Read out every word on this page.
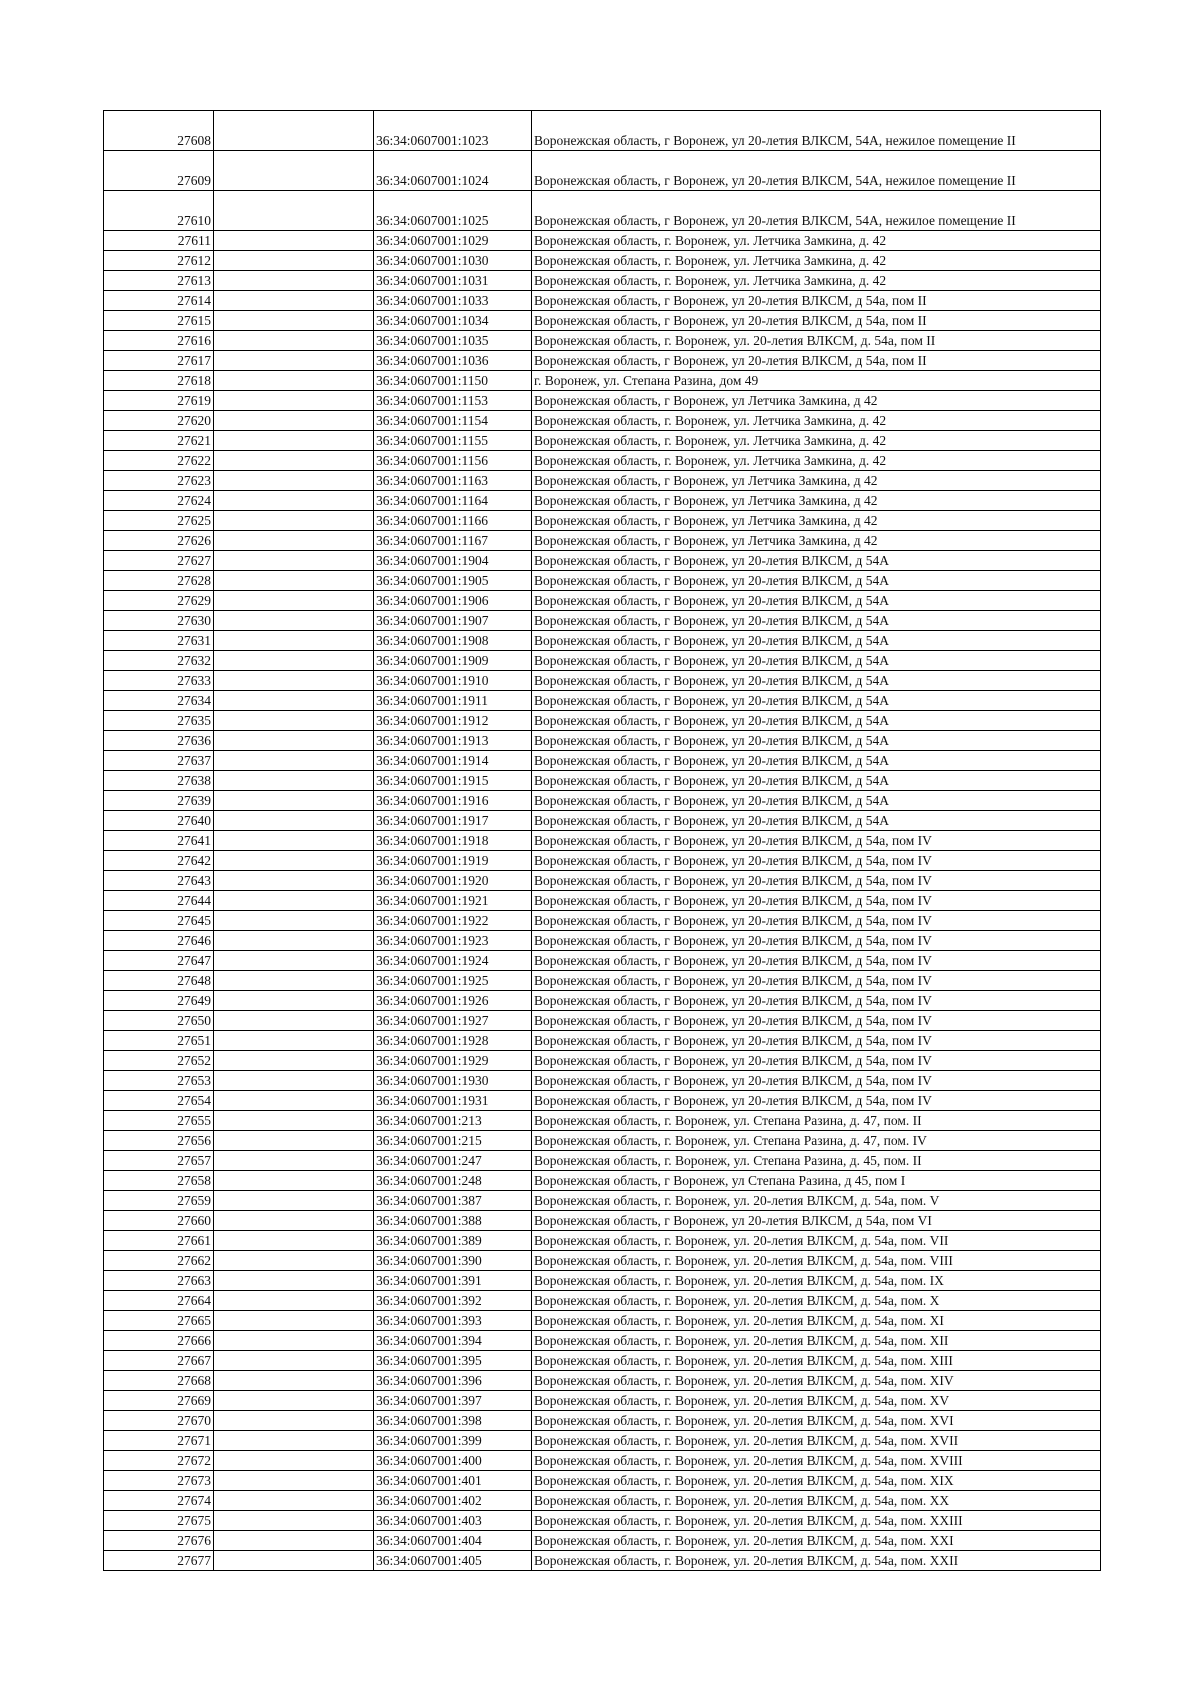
27608		36:34:0607001:1023	Воронежская область, г Воронеж, ул 20-летия ВЛКСМ, 54А, нежилое помещение II
27609		36:34:0607001:1024	Воронежская область, г Воронеж, ул 20-летия ВЛКСМ, 54А, нежилое помещение II
27610		36:34:0607001:1025	Воронежская область, г Воронеж, ул 20-летия ВЛКСМ, 54А, нежилое помещение II
27611		36:34:0607001:1029	Воронежская область, г. Воронеж, ул. Летчика Замкина, д. 42
27612		36:34:0607001:1030	Воронежская область, г. Воронеж, ул. Летчика Замкина, д. 42
27613		36:34:0607001:1031	Воронежская область, г. Воронеж, ул. Летчика Замкина, д. 42
27614		36:34:0607001:1033	Воронежская область, г Воронеж, ул 20-летия ВЛКСМ, д 54а, пом II
27615		36:34:0607001:1034	Воронежская область, г Воронеж, ул 20-летия ВЛКСМ, д 54а, пом II
27616		36:34:0607001:1035	Воронежская область, г. Воронеж, ул. 20-летия ВЛКСМ, д. 54а, пом II
27617		36:34:0607001:1036	Воронежская область, г Воронеж, ул 20-летия ВЛКСМ, д 54а, пом II
27618		36:34:0607001:1150	г. Воронеж, ул. Степана Разина, дом 49
27619		36:34:0607001:1153	Воронежская область, г Воронеж, ул Летчика Замкина, д 42
27620		36:34:0607001:1154	Воронежская область, г. Воронеж, ул. Летчика Замкина, д. 42
27621		36:34:0607001:1155	Воронежская область, г. Воронеж, ул. Летчика Замкина, д. 42
27622		36:34:0607001:1156	Воронежская область, г. Воронеж, ул. Летчика Замкина, д. 42
27623		36:34:0607001:1163	Воронежская область, г Воронеж, ул Летчика Замкина, д 42
27624		36:34:0607001:1164	Воронежская область, г Воронеж, ул Летчика Замкина, д 42
27625		36:34:0607001:1166	Воронежская область, г Воронеж, ул Летчика Замкина, д 42
27626		36:34:0607001:1167	Воронежская область, г Воронеж, ул Летчика Замкина, д 42
27627		36:34:0607001:1904	Воронежская область, г Воронеж, ул 20-летия ВЛКСМ, д 54А
27628		36:34:0607001:1905	Воронежская область, г Воронеж, ул 20-летия ВЛКСМ, д 54А
27629		36:34:0607001:1906	Воронежская область, г Воронеж, ул 20-летия ВЛКСМ, д 54А
27630		36:34:0607001:1907	Воронежская область, г Воронеж, ул 20-летия ВЛКСМ, д 54А
27631		36:34:0607001:1908	Воронежская область, г Воронеж, ул 20-летия ВЛКСМ, д 54А
27632		36:34:0607001:1909	Воронежская область, г Воронеж, ул 20-летия ВЛКСМ, д 54А
27633		36:34:0607001:1910	Воронежская область, г Воронеж, ул 20-летия ВЛКСМ, д 54А
27634		36:34:0607001:1911	Воронежская область, г Воронеж, ул 20-летия ВЛКСМ, д 54А
27635		36:34:0607001:1912	Воронежская область, г Воронеж, ул 20-летия ВЛКСМ, д 54А
27636		36:34:0607001:1913	Воронежская область, г Воронеж, ул 20-летия ВЛКСМ, д 54А
27637		36:34:0607001:1914	Воронежская область, г Воронеж, ул 20-летия ВЛКСМ, д 54А
27638		36:34:0607001:1915	Воронежская область, г Воронеж, ул 20-летия ВЛКСМ, д 54А
27639		36:34:0607001:1916	Воронежская область, г Воронеж, ул 20-летия ВЛКСМ, д 54А
27640		36:34:0607001:1917	Воронежская область, г Воронеж, ул 20-летия ВЛКСМ, д 54А
27641		36:34:0607001:1918	Воронежская область, г Воронеж, ул 20-летия ВЛКСМ, д 54а, пом IV
27642		36:34:0607001:1919	Воронежская область, г Воронеж, ул 20-летия ВЛКСМ, д 54а, пом IV
27643		36:34:0607001:1920	Воронежская область, г Воронеж, ул 20-летия ВЛКСМ, д 54а, пом IV
27644		36:34:0607001:1921	Воронежская область, г Воронеж, ул 20-летия ВЛКСМ, д 54а, пом IV
27645		36:34:0607001:1922	Воронежская область, г Воронеж, ул 20-летия ВЛКСМ, д 54а, пом IV
27646		36:34:0607001:1923	Воронежская область, г Воронеж, ул 20-летия ВЛКСМ, д 54а, пом IV
27647		36:34:0607001:1924	Воронежская область, г Воронеж, ул 20-летия ВЛКСМ, д 54а, пом IV
27648		36:34:0607001:1925	Воронежская область, г Воронеж, ул 20-летия ВЛКСМ, д 54а, пом IV
27649		36:34:0607001:1926	Воронежская область, г Воронеж, ул 20-летия ВЛКСМ, д 54а, пом IV
27650		36:34:0607001:1927	Воронежская область, г Воронеж, ул 20-летия ВЛКСМ, д 54а, пом IV
27651		36:34:0607001:1928	Воронежская область, г Воронеж, ул 20-летия ВЛКСМ, д 54а, пом IV
27652		36:34:0607001:1929	Воронежская область, г Воронеж, ул 20-летия ВЛКСМ, д 54а, пом IV
27653		36:34:0607001:1930	Воронежская область, г Воронеж, ул 20-летия ВЛКСМ, д 54а, пом IV
27654		36:34:0607001:1931	Воронежская область, г Воронеж, ул 20-летия ВЛКСМ, д 54а, пом IV
27655		36:34:0607001:213	Воронежская область, г. Воронеж, ул. Степана Разина, д. 47, пом. II
27656		36:34:0607001:215	Воронежская область, г. Воронеж, ул. Степана Разина, д. 47, пом. IV
27657		36:34:0607001:247	Воронежская область, г. Воронеж, ул. Степана Разина, д. 45, пом. II
27658		36:34:0607001:248	Воронежская область, г Воронеж, ул Степана Разина, д 45, пом I
27659		36:34:0607001:387	Воронежская область, г. Воронеж, ул. 20-летия ВЛКСМ, д. 54а, пом. V
27660		36:34:0607001:388	Воронежская область, г Воронеж, ул 20-летия ВЛКСМ, д 54а, пом VI
27661		36:34:0607001:389	Воронежская область, г. Воронеж, ул. 20-летия ВЛКСМ, д. 54а, пом. VII
27662		36:34:0607001:390	Воронежская область, г. Воронеж, ул. 20-летия ВЛКСМ, д. 54а, пом. VIII
27663		36:34:0607001:391	Воронежская область, г. Воронеж, ул. 20-летия ВЛКСМ, д. 54а, пом. IX
27664		36:34:0607001:392	Воронежская область, г. Воронеж, ул. 20-летия ВЛКСМ, д. 54а, пом. X
27665		36:34:0607001:393	Воронежская область, г. Воронеж, ул. 20-летия ВЛКСМ, д. 54а, пом. XI
27666		36:34:0607001:394	Воронежская область, г. Воронеж, ул. 20-летия ВЛКСМ, д. 54а, пом. XII
27667		36:34:0607001:395	Воронежская область, г. Воронеж, ул. 20-летия ВЛКСМ, д. 54а, пом. XIII
27668		36:34:0607001:396	Воронежская область, г. Воронеж, ул. 20-летия ВЛКСМ, д. 54а, пом. XIV
27669		36:34:0607001:397	Воронежская область, г. Воронеж, ул. 20-летия ВЛКСМ, д. 54а, пом. XV
27670		36:34:0607001:398	Воронежская область, г. Воронеж, ул. 20-летия ВЛКСМ, д. 54а, пом. XVI
27671		36:34:0607001:399	Воронежская область, г. Воронеж, ул. 20-летия ВЛКСМ, д. 54а, пом. XVII
27672		36:34:0607001:400	Воронежская область, г. Воронеж, ул. 20-летия ВЛКСМ, д. 54а, пом. XVIII
27673		36:34:0607001:401	Воронежская область, г. Воронеж, ул. 20-летия ВЛКСМ, д. 54а, пом. XIX
27674		36:34:0607001:402	Воронежская область, г. Воронеж, ул. 20-летия ВЛКСМ, д. 54а, пом. XX
27675		36:34:0607001:403	Воронежская область, г. Воронеж, ул. 20-летия ВЛКСМ, д. 54а, пом. XXIII
27676		36:34:0607001:404	Воронежская область, г. Воронеж, ул. 20-летия ВЛКСМ, д. 54а, пом. XXI
27677		36:34:0607001:405	Воронежская область, г. Воронеж, ул. 20-летия ВЛКСМ, д. 54а, пом. XXII
